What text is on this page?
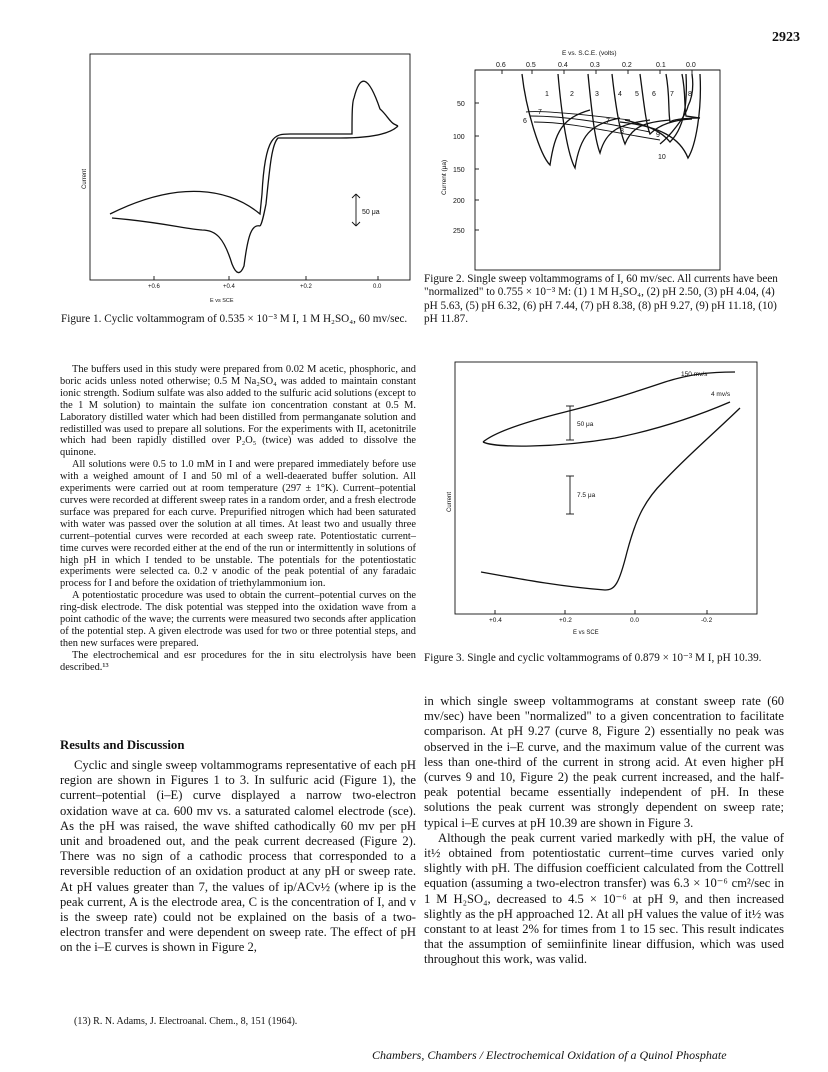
2923
50 μa
Current
+0.6	+0.4	+0.2	0.0
E vs SCE
Figure 1. Cyclic voltammogram of 0.535 × 10⁻³ M I, 1 M H₂SO₄, 60 mv/sec.
E vs. S.C.E. (volts)
0.6	0.5	0.4	0.3	0.2	0.1	0.0
50
100
150
200
250
Current (μa)
1	2	3	4 5 6 7 8
7
6	7
8
9
10
Figure 2. Single sweep voltammograms of I, 60 mv/sec. All currents have been "normalized" to 0.755 × 10⁻³ M: (1) 1 M H₂SO₄, (2) pH 2.50, (3) pH 4.04, (4) pH 5.63, (5) pH 6.32, (6) pH 7.44, (7) pH 8.38, (8) pH 9.27, (9) pH 11.18, (10) pH 11.87.
+0.4	+0.2	0.0	-0.2
E vs SCE
Current
150 mv/s
4 mv/s
50 μa
7.5 μa
Figure 3. Single and cyclic voltammograms of 0.879 × 10⁻³ M I, pH 10.39.

The buffers used in this study were prepared from 0.02 M acetic, phosphoric, and boric acids unless noted otherwise; 0.5 M Na₂SO₄ was added to maintain constant ionic strength. Sodium sulfate was also added to the sulfuric acid solutions (except to the 1 M solution) to maintain the sulfate ion concentration constant at 0.5 M. Laboratory distilled water which had been distilled from permanganate solution and redistilled was used to prepare all solutions. For the experiments with II, acetonitrile which had been rapidly distilled over P₂O₅ (twice) was added to dissolve the quinone.

All solutions were 0.5 to 1.0 mM in I and were prepared immediately before use with a weighed amount of I and 50 ml of a well-deaerated buffer solution. All experiments were carried out at room temperature (297 ± 1°K). Current–potential curves were recorded at different sweep rates in a random order, and a fresh electrode surface was prepared for each curve. Prepurified nitrogen which had been saturated with water was passed over the solution at all times. At least two and usually three current–potential curves were recorded at each sweep rate. Potentiostatic current–time curves were recorded either at the end of the run or intermittently in solutions of high pH in which I tended to be unstable. The potentials for the potentiostatic experiments were selected ca. 0.2 v anodic of the peak potential of any faradaic process for I and before the oxidation of triethylammonium ion.

A potentiostatic procedure was used to obtain the current–potential curves on the ring-disk electrode. The disk potential was stepped into the oxidation wave from a point cathodic of the wave; the currents were measured two seconds after application of the potential step. A given electrode was used for two or three potential steps, and then new surfaces were prepared.

The electrochemical and esr procedures for the in situ electrolysis have been described.¹³

Results and Discussion

Cyclic and single sweep voltammograms representative of each pH region are shown in Figures 1 to 3. In sulfuric acid (Figure 1), the current–potential (i–E) curve displayed a narrow two-electron oxidation wave at ca. 600 mv vs. a saturated calomel electrode (sce). As the pH was raised, the wave shifted cathodically 60 mv per pH unit and broadened out, and the peak current decreased (Figure 2). There was no sign of a cathodic process that corresponded to a reversible reduction of an oxidation product at any pH or sweep rate. At pH values greater than 7, the values of ip/ACv½ (where ip is the peak current, A is the electrode area, C is the concentration of I, and v is the sweep rate) could not be explained on the basis of a two-electron transfer and were dependent on sweep rate. The effect of pH on the i–E curves is shown in Figure 2,

(13) R. N. Adams, J. Electroanal. Chem., 8, 151 (1964).

in which single sweep voltammograms at constant sweep rate (60 mv/sec) have been "normalized" to a given concentration to facilitate comparison. At pH 9.27 (curve 8, Figure 2) essentially no peak was observed in the i–E curve, and the maximum value of the current was less than one-third of the current in strong acid. At even higher pH (curves 9 and 10, Figure 2) the peak current increased, and the half-peak potential became essentially independent of pH. In these solutions the peak current was strongly dependent on sweep rate; typical i–E curves at pH 10.39 are shown in Figure 3.

Although the peak current varied markedly with pH, the value of it½ obtained from potentiostatic current–time curves varied only slightly with pH. The diffusion coefficient calculated from the Cottrell equation (assuming a two-electron transfer) was 6.3 × 10⁻⁶ cm²/sec in 1 M H₂SO₄, decreased to 4.5 × 10⁻⁶ at pH 9, and then increased slightly as the pH approached 12. At all pH values the value of it½ was constant to at least 2% for times from 1 to 15 sec. This result indicates that the assumption of semiinfinite linear diffusion, which was used throughout this work, was valid.

Chambers, Chambers / Electrochemical Oxidation of a Quinol Phosphate
